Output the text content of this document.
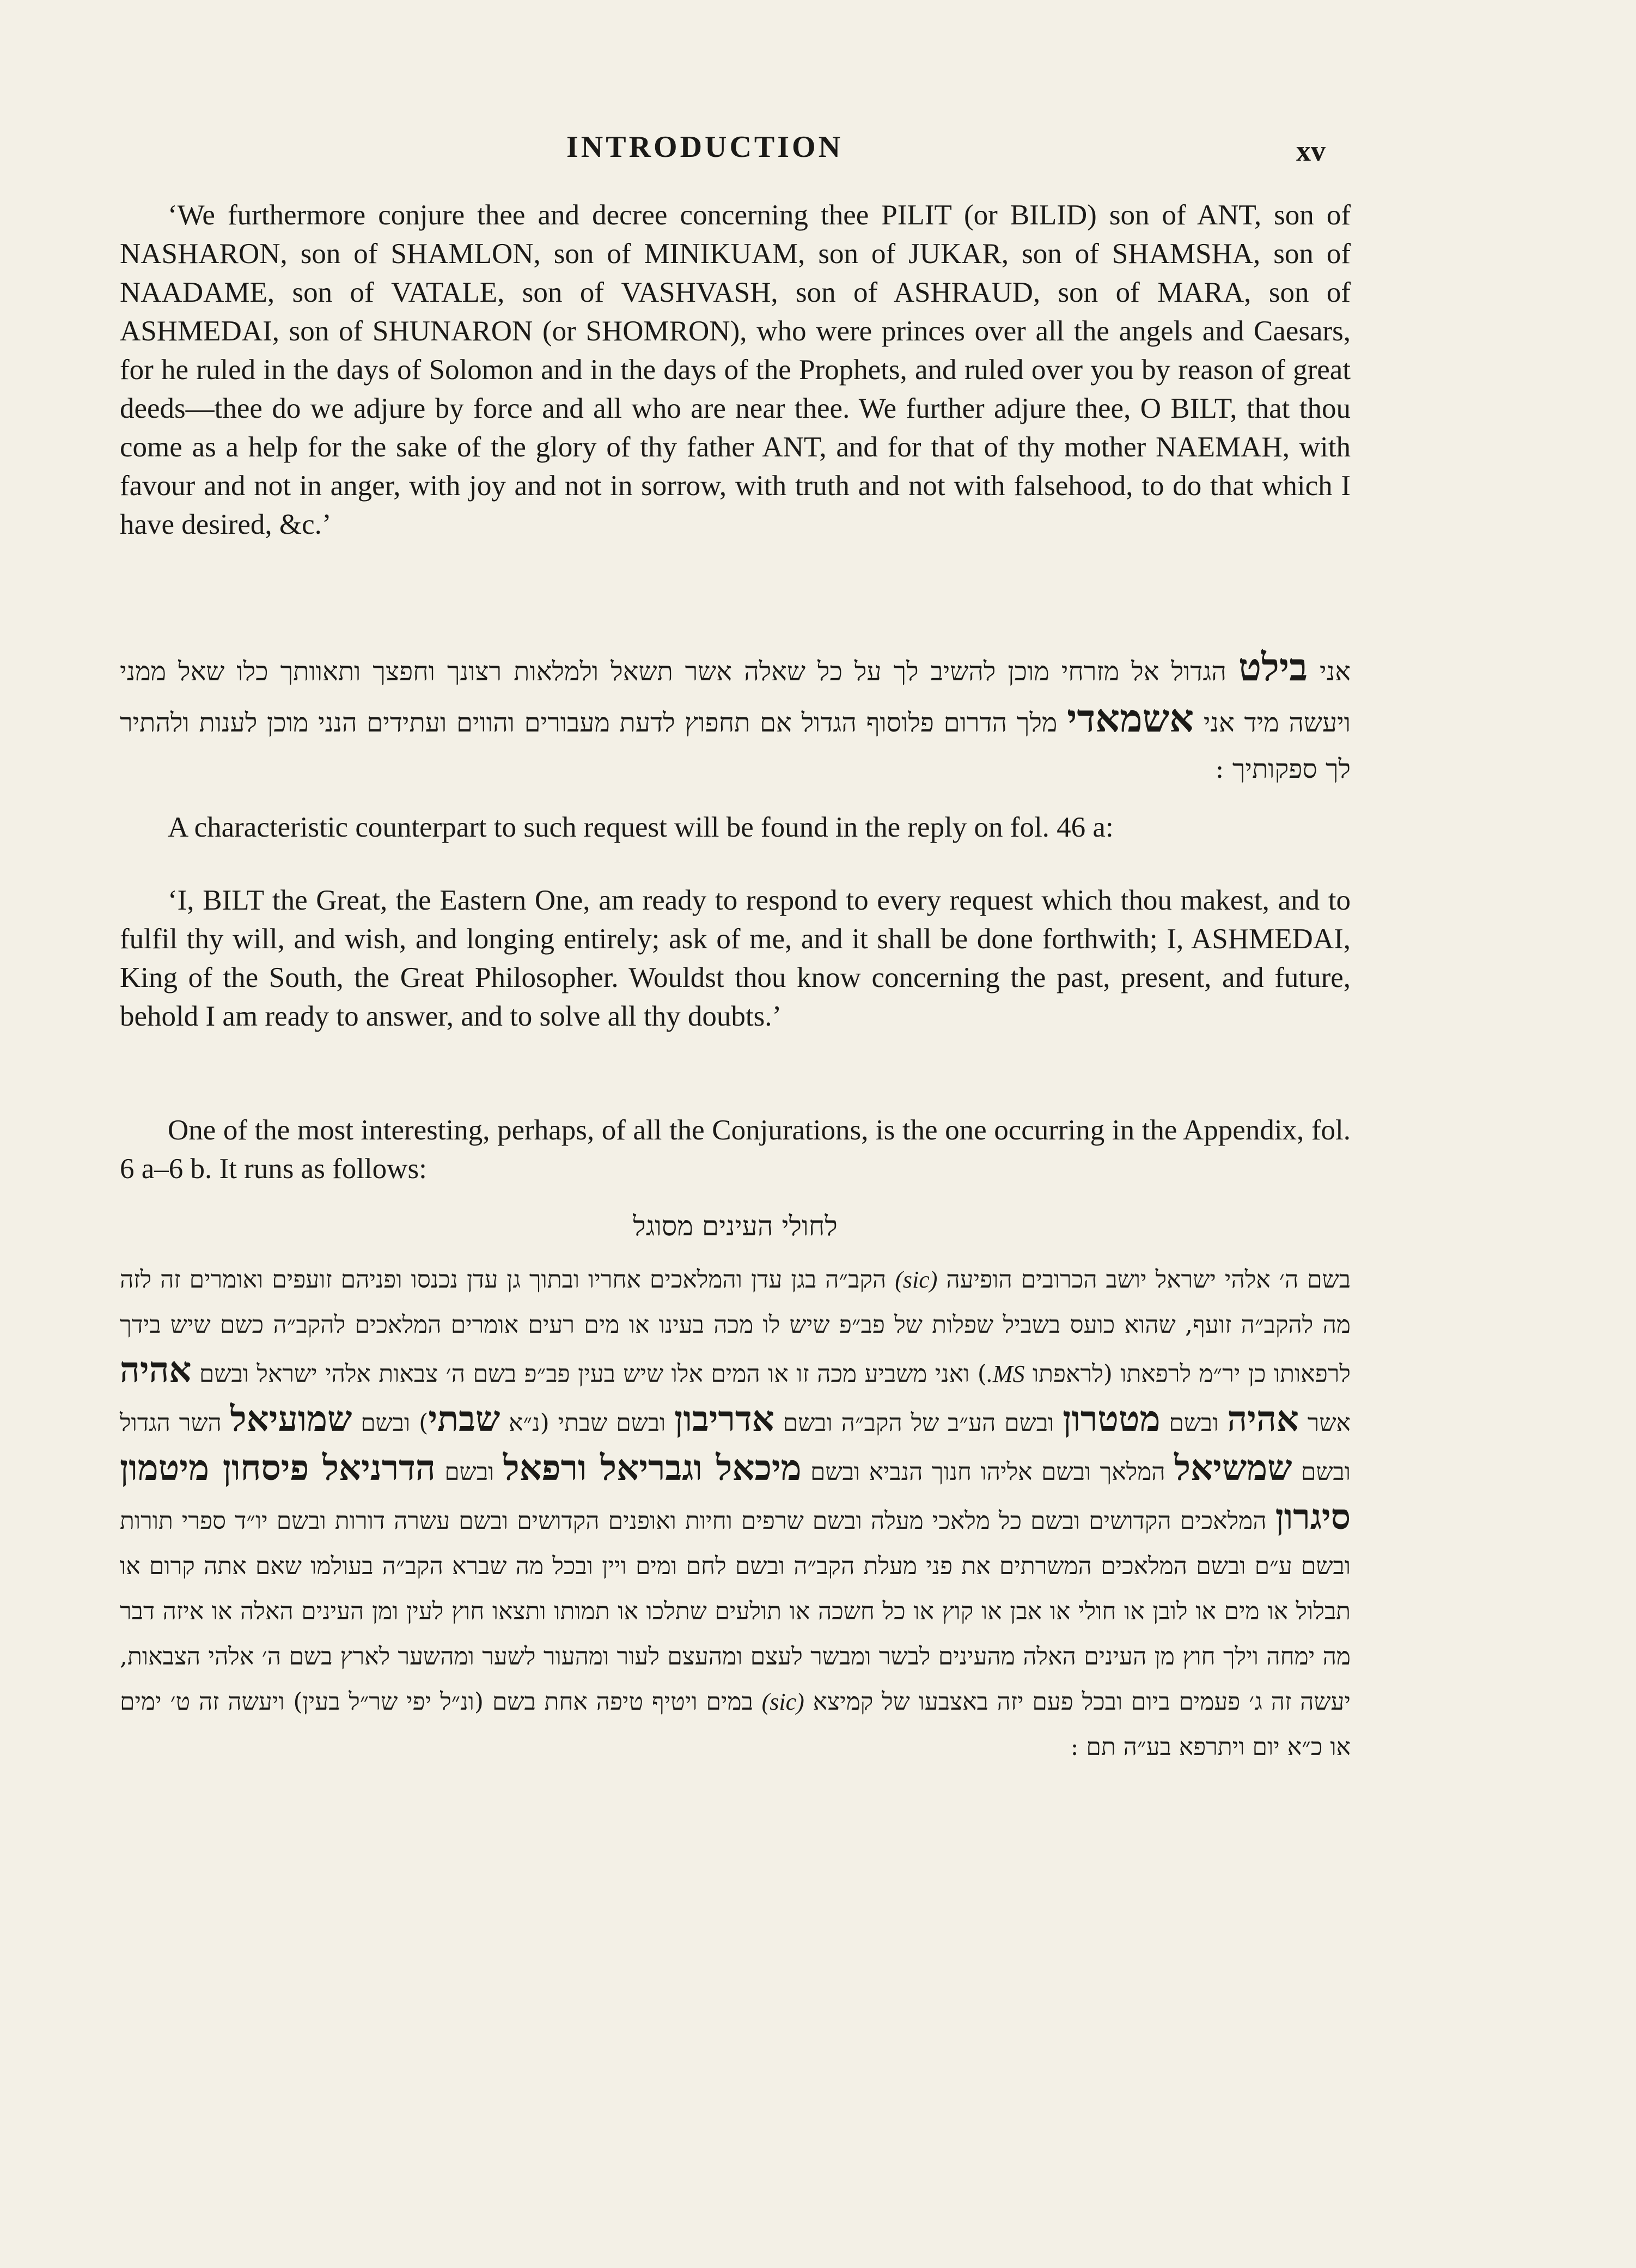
INTRODUCTION	xv

‘We furthermore conjure thee and decree concerning thee PILIT (or BILID) son of ANT, son of NASHARON, son of SHAMLON, son of MINIKUAM, son of JUKAR, son of SHAMSHA, son of NAADAME, son of VATALE, son of VASHVASH, son of ASHRAUD, son of MARA, son of ASHMEDAI, son of SHUNARON (or SHOMRON), who were princes over all the angels and Caesars, for he ruled in the days of Solomon and in the days of the Prophets, and ruled over you by reason of great deeds—thee do we adjure by force and all who are near thee. We further adjure thee, O BILT, that thou come as a help for the sake of the glory of thy father ANT, and for that of thy mother NAEMAH, with favour and not in anger, with joy and not in sorrow, with truth and not with falsehood, to do that which I have desired, &c.’

אני בילט הגדול אל מזרחי מוכן להשיב לך על כל שאלה אשר תשאל ולמלאות רצונך וחפצך ותאוותך כלו שאל ממני ויעשה מיד אני אשמאדי מלך הדרום פלוסוף הגדול אם תחפוץ לדעת מעבורים והווים ועתידים הנני מוכן לענות ולהתיר לך ספקותיך :

A characteristic counterpart to such request will be found in the reply on fol. 46 a:

‘I, BILT the Great, the Eastern One, am ready to respond to every request which thou makest, and to fulfil thy will, and wish, and longing entirely; ask of me, and it shall be done forthwith; I, ASHMEDAI, King of the South, the Great Philosopher. Wouldst thou know concerning the past, present, and future, behold I am ready to answer, and to solve all thy doubts.’

One of the most interesting, perhaps, of all the Conjurations, is the one occurring in the Appendix, fol. 6 a–6 b. It runs as follows:

לחולי העינים מסוגל

בשם ה׳ אלהי ישראל יושב הכרובים הופיעה (sic) הקב״ה בגן עדן והמלאכים אחריו ובתוך גן עדן נכנסו ופניהם זועפים ואומרים זה לזה מה להקב״ה זועף, שהוא כועס בשביל שפלות של פב״פ שיש לו מכה בעינו או מים רעים אומרים המלאכים להקב״ה כשם שיש בידך לרפאותו כן יר״מ לרפאתו (לראפתו MS.) ואני משביע מכה זו או המים אלו שיש בעין פב״פ בשם ה׳ צבאות אלהי ישראל ובשם אהיה אשר אהיה ובשם מטטרון ובשם הע״ב של הקב״ה ובשם אדריבון ובשם שבתי (נ״א שבתי) ובשם שמועיאל השר הגדול ובשם שמשיאל המלאך ובשם אליהו חנוך הנביא ובשם מיכאל וגבריאל ורפאל ובשם הדרניאל פיסחון מיטמון סיגרון המלאכים הקדושים ובשם כל מלאכי מעלה ובשם שרפים וחיות ואופנים הקדושים ובשם עשרה דורות ובשם יו״ד ספרי תורות ובשם ע״ם ובשם המלאכים המשרתים את פני מעלת הקב״ה ובשם לחם ומים ויין ובכל מה שברא הקב״ה בעולמו שאם אתה קרום או תבלול או מים או לובן או חולי או אבן או קוץ או כל חשכה או תולעים שתלכו או תמותו ותצאו חוץ לעין ומן העינים האלה או איזה דבר מה ימחה וילך חוץ מן העינים האלה מהעינים לבשר ומבשר לעצם ומהעצם לעור ומהעור לשער ומהשער לארץ בשם ה׳ אלהי הצבאות, יעשה זה ג׳ פעמים ביום ובכל פעם יזה באצבעו של קמיצא (sic) במים ויטיף טיפה אחת בשם (ונ״ל יפי שר״ל בעין) ויעשה זה ט׳ ימים או כ״א יום ויתרפא בע״ה תם :
